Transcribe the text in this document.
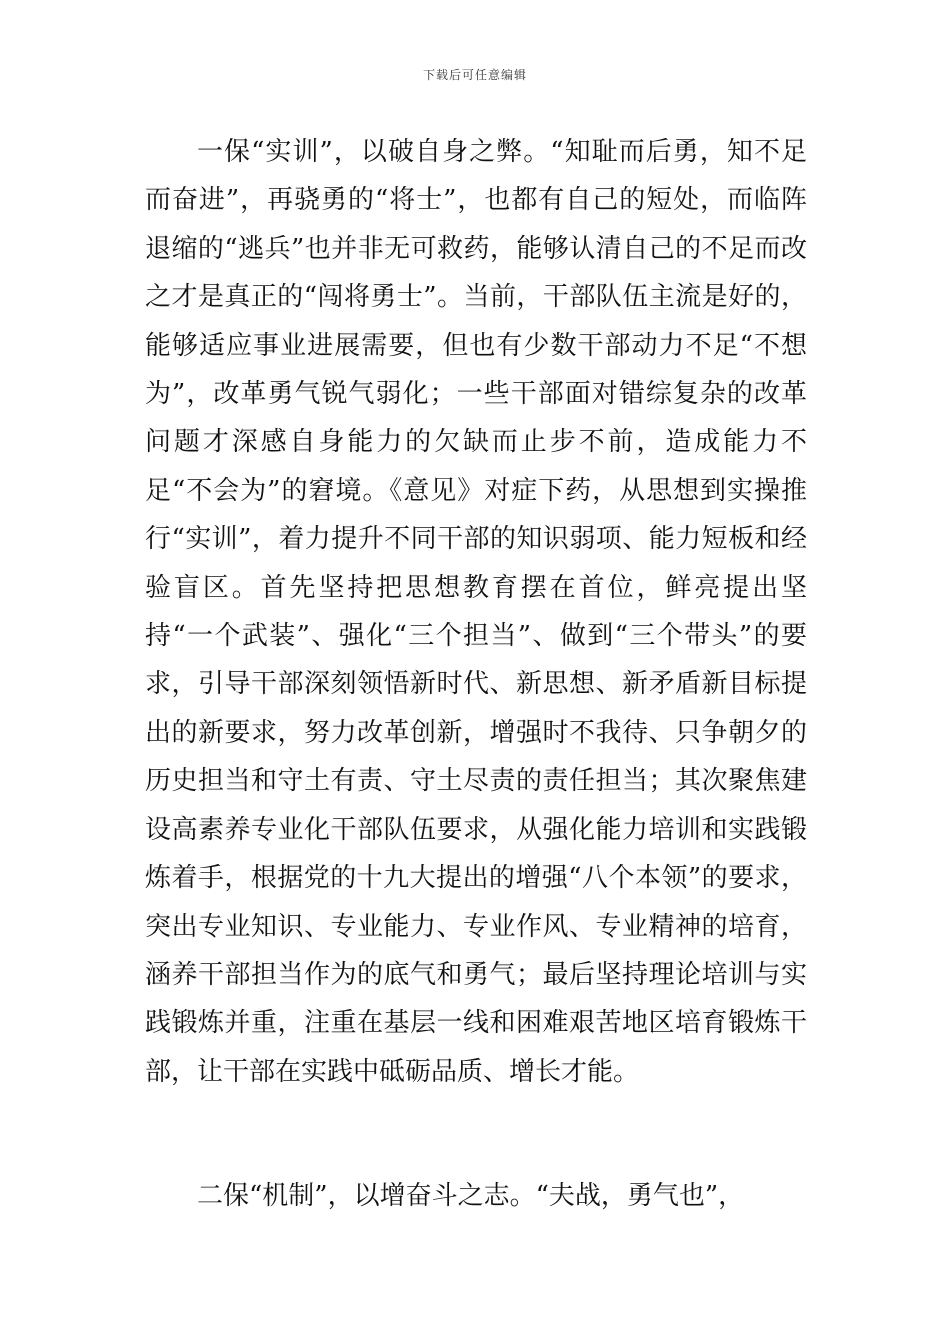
下载后可任意编辑

一保“实训”，以破自身之弊。“知耻而后勇，知不足而奋进”，再骁勇的“将士”，也都有自己的短处，而临阵退缩的“逃兵”也并非无可救药，能够认清自己的不足而改之才是真正的“闯将勇士”。当前，干部队伍主流是好的，能够适应事业进展需要，但也有少数干部动力不足“不想为”，改革勇气锐气弱化；一些干部面对错综复杂的改革问题才深感自身能力的欠缺而止步不前，造成能力不足“不会为”的窘境。《意见》对症下药，从思想到实操推行“实训”，着力提升不同干部的知识弱项、能力短板和经验盲区。首先坚持把思想教育摆在首位，鲜亮提出坚持“一个武装”、强化“三个担当”、做到“三个带头”的要求，引导干部深刻领悟新时代、新思想、新矛盾新目标提出的新要求，努力改革创新，增强时不我待、只争朝夕的历史担当和守土有责、守土尽责的责任担当；其次聚焦建设高素养专业化干部队伍要求，从强化能力培训和实践锻炼着手，根据党的十九大提出的增强“八个本领”的要求，突出专业知识、专业能力、专业作风、专业精神的培育，涵养干部担当作为的底气和勇气；最后坚持理论培训与实践锻炼并重，注重在基层一线和困难艰苦地区培育锻炼干部，让干部在实践中砥砺品质、增长才能。

二保“机制”，以增奋斗之志。“夫战，勇气也”，
